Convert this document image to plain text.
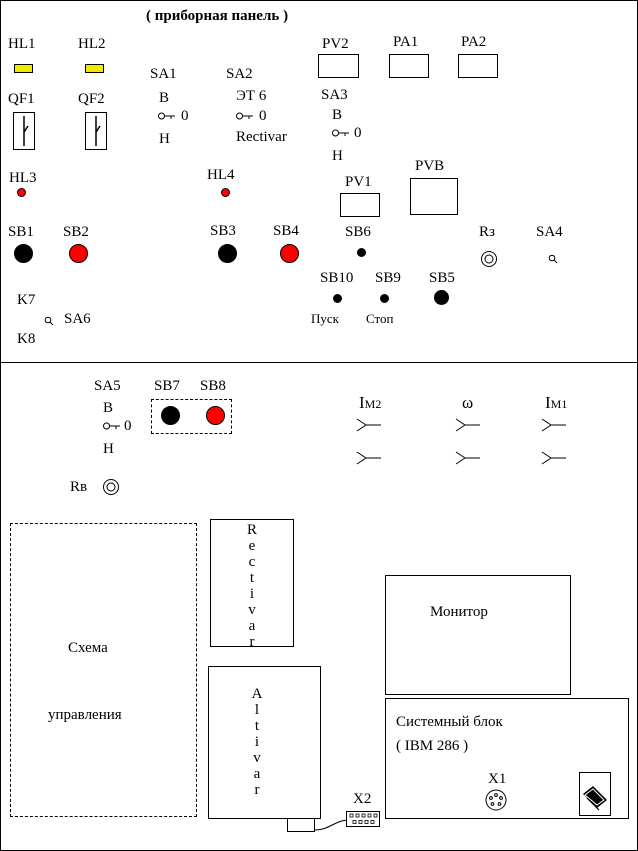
( приборная панель )
HL1	HL2
QF1	QF2
SA1
В
0
Н
SA2
ЭТ 6
0
Rectivar
PV2	PA1	PA2
SA3
В
0
Н
HL3	HL4	PV1
PVB
SB1 SB2	SB3 SB4	SB6	Rз	SA4
SB10
Пуск
SB9
Стоп
SB5
K7
SA6
K8
SA5
В
0
Н
SB7 SB8
IM2	ω	IM1
Rв
Схема
управления
R
e
c
t
i
v
a
r
A
l
t
i
v
a
r
X2
Монитор
Системный блок
( IBM 286 )
X1
